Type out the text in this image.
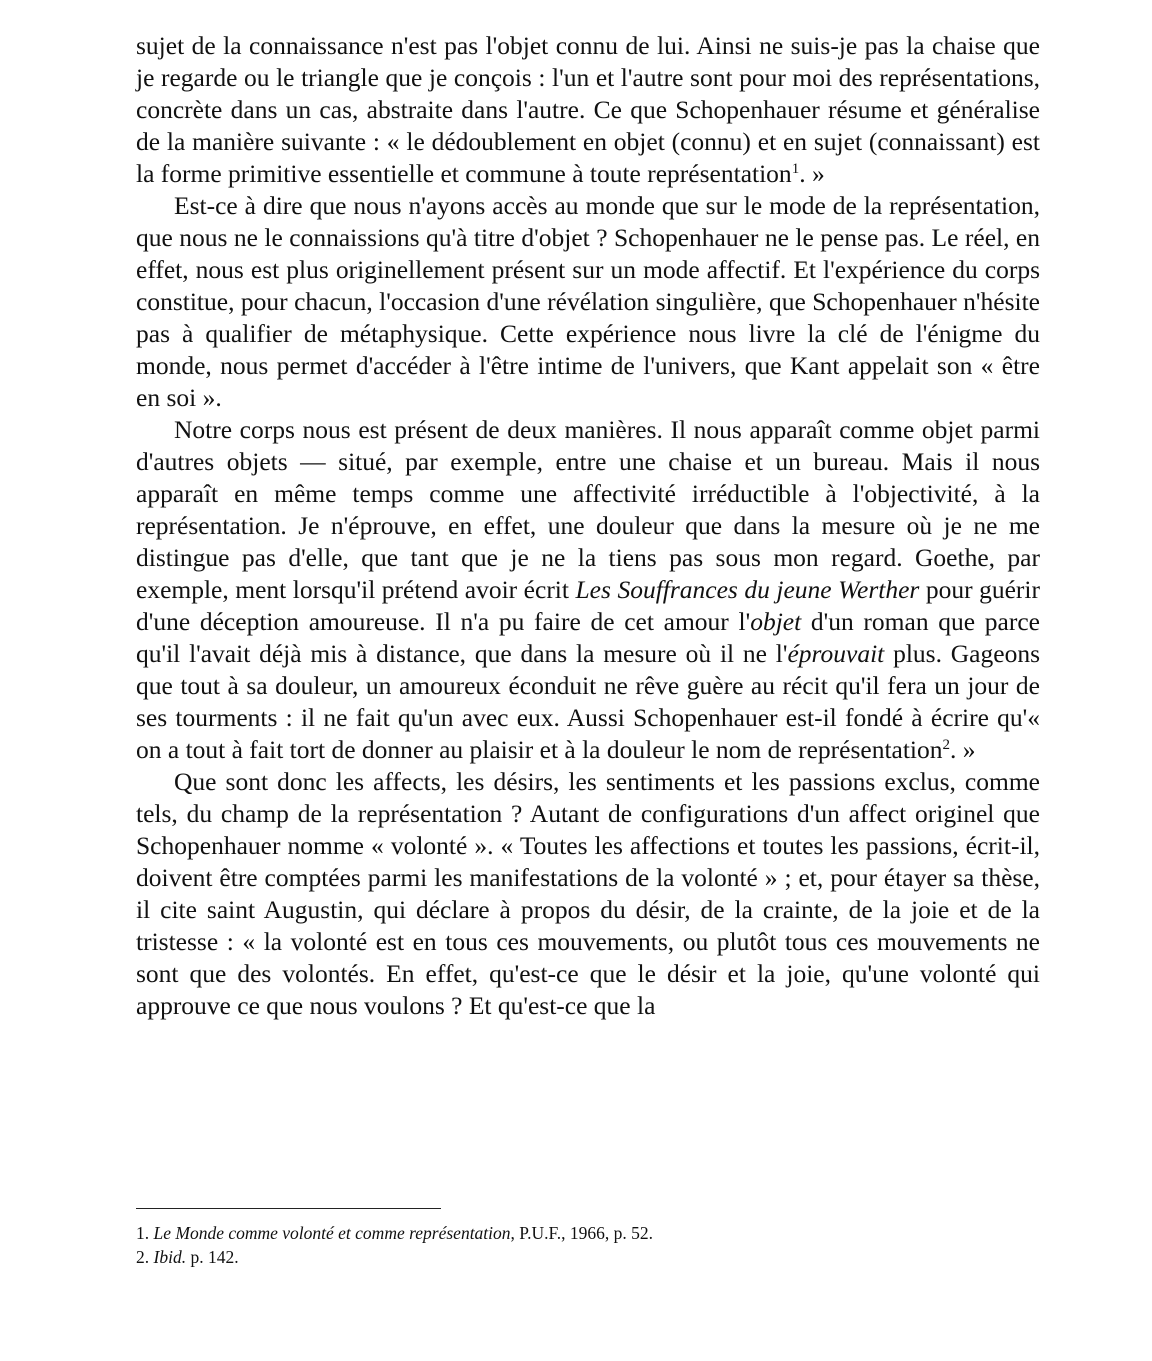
sujet de la connaissance n'est pas l'objet connu de lui. Ainsi ne suis-je pas la chaise que je regarde ou le triangle que je conçois : l'un et l'autre sont pour moi des représentations, concrète dans un cas, abstraite dans l'autre. Ce que Schopenhauer résume et généralise de la manière suivante : « le dédoublement en objet (connu) et en sujet (connaissant) est la forme primitive essentielle et commune à toute représentation$^1$. »

Est-ce à dire que nous n'ayons accès au monde que sur le mode de la représentation, que nous ne le connaissions qu'à titre d'objet ? Schopenhauer ne le pense pas. Le réel, en effet, nous est plus originellement présent sur un mode affectif. Et l'expérience du corps constitue, pour chacun, l'occasion d'une révélation singulière, que Schopenhauer n'hésite pas à qualifier de métaphysique. Cette expérience nous livre la clé de l'énigme du monde, nous permet d'accéder à l'être intime de l'univers, que Kant appelait son « être en soi ».

Notre corps nous est présent de deux manières. Il nous apparaît comme objet parmi d'autres objets — situé, par exemple, entre une chaise et un bureau. Mais il nous apparaît en même temps comme une affectivité irréductible à l'objectivité, à la représentation. Je n'éprouve, en effet, une douleur que dans la mesure où je ne me distingue pas d'elle, que tant que je ne la tiens pas sous mon regard. Goethe, par exemple, ment lorsqu'il prétend avoir écrit Les Souffrances du jeune Werther pour guérir d'une déception amoureuse. Il n'a pu faire de cet amour l'objet d'un roman que parce qu'il l'avait déjà mis à distance, que dans la mesure où il ne l'éprouvait plus. Gageons que tout à sa douleur, un amoureux éconduit ne rêve guère au récit qu'il fera un jour de ses tourments : il ne fait qu'un avec eux. Aussi Schopenhauer est-il fondé à écrire qu'« on a tout à fait tort de donner au plaisir et à la douleur le nom de représentation$^2$. »

Que sont donc les affects, les désirs, les sentiments et les passions exclus, comme tels, du champ de la représentation ? Autant de configurations d'un affect originel que Schopenhauer nomme « volonté ». « Toutes les affections et toutes les passions, écrit-il, doivent être comptées parmi les manifestations de la volonté » ; et, pour étayer sa thèse, il cite saint Augustin, qui déclare à propos du désir, de la crainte, de la joie et de la tristesse : « la volonté est en tous ces mouvements, ou plutôt tous ces mouvements ne sont que des volontés. En effet, qu'est-ce que le désir et la joie, qu'une volonté qui approuve ce que nous voulons ? Et qu'est-ce que la

1. Le Monde comme volonté et comme représentation, P.U.F., 1966, p. 52.

2. Ibid. p. 142.
